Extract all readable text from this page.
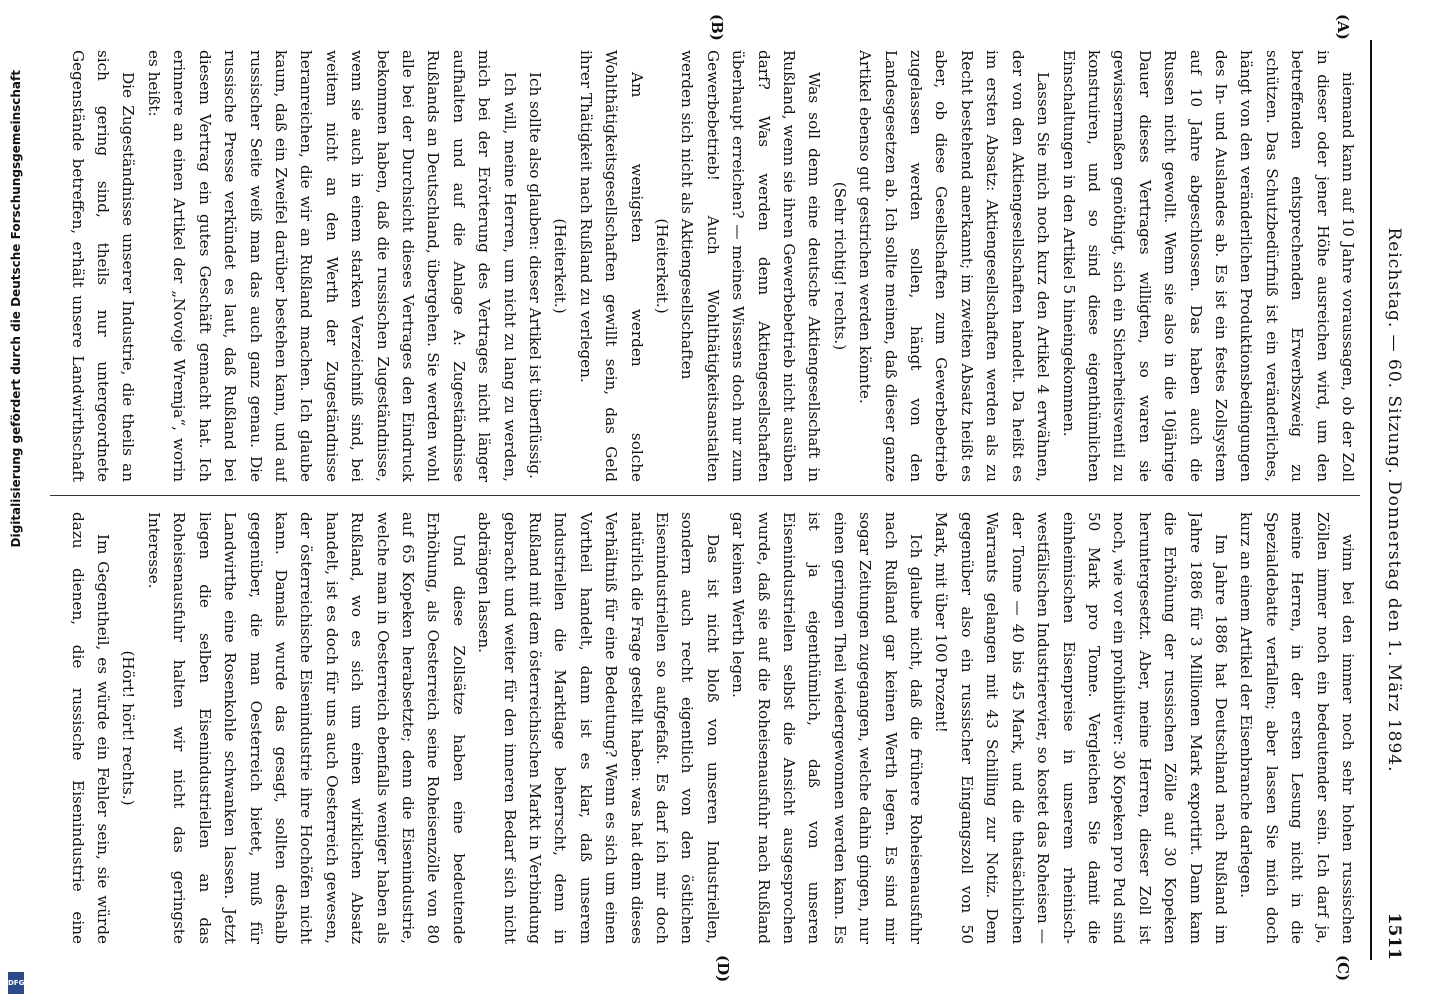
Reichstag. — 60. Sitzung. Donnerstag den 1. März 1894.
1511
(A)
(B)
(C)
(D)

niemand kann auf 10 Jahre voraussagen, ob der Zoll in dieser oder jener Höhe ausreichen wird, um den betreffenden entsprechenden Erwerbszweig zu schützen. Das Schutzbedürfniß ist ein veränderliches, hängt von den veränderlichen Produktionsbedingungen des In- und Auslandes ab. Es ist ein festes Zollsystem auf 10 Jahre abgeschlossen. Das haben auch die Russen nicht gewollt. Wenn sie also in die 10jährige Dauer dieses Vertrages willigten, so waren sie gewissermaßen genöthigt, sich ein Sicherheitsventil zu konstruiren, und so sind diese eigenthümlichen Einschaltungen in den Artikel 5 hineingekommen.

Lassen Sie mich noch kurz den Artikel 4 erwähnen, der von den Aktiengesellschaften handelt. Da heißt es im ersten Absatz: Aktiengesellschaften werden als zu Recht bestehend anerkannt; im zweiten Absatz heißt es aber, ob diese Gesellschaften zum Gewerbebetrieb zugelassen werden sollen, hängt von den Landesgesetzen ab. Ich sollte meinen, daß dieser ganze Artikel ebenso gut gestrichen werden könnte.

(Sehr richtig! rechts.)

Was soll denn eine deutsche Aktiengesellschaft in Rußland, wenn sie ihren Gewerbebetrieb nicht ausüben darf? Was werden denn Aktiengesellschaften überhaupt erreichen? — meines Wissens doch nur zum Gewerbebetrieb! Auch Wohlthätigkeitsanstalten werden sich nicht als Aktiengesellschaften

(Heiterkeit.)

Am wenigsten werden solche Wohlthätigkeitsgesellschaften gewillt sein, das Geld ihrer Thätigkeit nach Rußland zu verlegen.

(Heiterkeit.)

Ich sollte also glauben: dieser Artikel ist überflüssig.

Ich will, meine Herren, um nicht zu lang zu werden, mich bei der Erörterung des Vertrages nicht länger aufhalten und auf die Anlage A: Zugeständnisse Rußlands an Deutschland, übergehen. Sie werden wohl alle bei der Durchsicht dieses Vertrages den Eindruck bekommen haben, daß die russischen Zugeständnisse, wenn sie auch in einem starken Verzeichniß sind, bei weitem nicht an den Werth der Zugeständnisse heranreichen, die wir an Rußland machen. Ich glaube kaum, daß ein Zweifel darüber bestehen kann, und auf russischer Seite weiß man das auch ganz genau. Die russische Presse verkündet es laut, daß Rußland bei diesem Vertrag ein gutes Geschäft gemacht hat. Ich erinnere an einen Artikel der „Novoje Wremja“, worin es heißt:

Die Zugeständnisse unserer Industrie, die theils an sich gering sind, theils nur untergeordnete Gegenstände betreffen, erhält unsere Landwirthschaft

winn bei den immer noch sehr hohen russischen Zöllen immer noch ein bedeutender sein. Ich darf ja, meine Herren, in der ersten Lesung nicht in die Spezialdebatte verfallen; aber lassen Sie mich doch kurz an einem Artikel der Eisenbranche darlegen.

Im Jahre 1886 hat Deutschland nach Rußland im Jahre 1886 für 3 Millionen Mark exportirt. Dann kam die Erhöhung der russischen Zölle auf 30 Kopeken heruntergesetzt. Aber, meine Herren, dieser Zoll ist noch, wie vor ein prohibitiver: 30 Kopeken pro Pud sind 50 Mark pro Tonne. Vergleichen Sie damit die einheimischen Eisenpreise in unserem rheinisch-westfälischen Industrierevier, so kostet das Roheisen — der Tonne — 40 bis 45 Mark, und die thatsächlichen Warrants gelangen mit 43 Schilling zur Notiz. Dem gegenüber also ein russischer Eingangszoll von 50 Mark, mit über 100 Prozent!

Ich glaube nicht, daß die frühere Roheisenausfuhr nach Rußland gar keinen Werth legen. Es sind mir sogar Zeitungen zugegangen, welche dahin gingen, nur einen geringen Theil wiedergewonnen werden kann. Es ist ja eigenthümlich, daß von unseren Eisenindustriellen selbst die Ansicht ausgesprochen wurde, daß sie auf die Roheisenausfuhr nach Rußland gar keinen Werth legen.

Das ist nicht bloß von unseren Industriellen, sondern auch recht eigentlich von den östlichen Eisenindustriellen so aufgefaßt. Es darf ich mir doch natürlich die Frage gestellt haben: was hat denn dieses Verhältniß für eine Bedeutung? Wenn es sich um einen Vortheil handelt, dann ist es klar, daß unserem Industriellen die Marktlage beherrscht, denn in Rußland mit dem österreichischen Markt in Verbindung gebracht und weiter für den inneren Bedarf sich nicht abdrängen lassen.

Und diese Zollsätze haben eine bedeutende Erhöhung, als Oesterreich seine Roheisenzölle von 80 auf 65 Kopeken herabsetzte; denn die Eisenindustrie, welche man in Oesterreich ebenfalls weniger haben als Rußland, wo es sich um einen wirklichen Absatz handelt, ist es doch für uns auch Oesterreich gewesen, der österreichische Eisenindustrie ihre Hochöfen nicht kann. Damals wurde das gesagt, sollten deshalb gegenüber, die man Oesterreich bietet, muß für Landwirthe eine Rosenkohle schwanken lassen. Jetzt liegen die selben Eisenindustriellen an das Roheisenausfuhr halten wir nicht das geringste Interesse.

(Hört! hört! rechts.)

Im Gegentheil, es würde ein Fehler sein, sie würde dazu dienen, die russische Eisenindustrie eine

Digitalisierung gefördert durch die Deutsche Forschungsgemeinschaft
DFG
